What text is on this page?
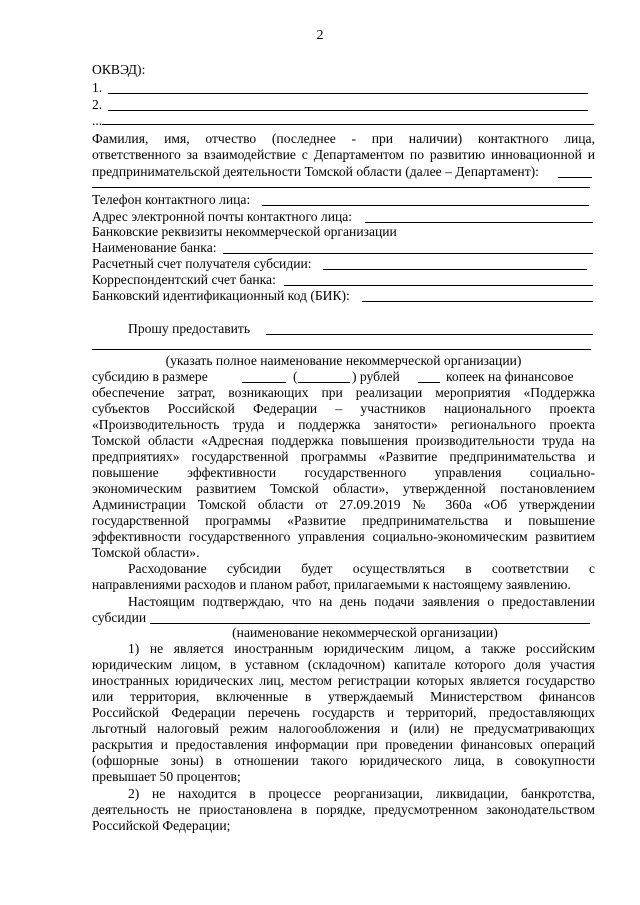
2
ОКВЭД):
1.
2.
...
Фамилия, имя, отчество (последнее - при наличии) контактного лица,
ответственного за взаимодействие с Департаментом по развитию инновационной и
предпринимательской деятельности Томской области (далее – Департамент):
Телефон контактного лица:
Адрес электронной почты контактного лица:
Банковские реквизиты некоммерческой организации
Наименование банка:
Расчетный счет получателя субсидии:
Корреспондентский счет банка:
Банковский идентификационный код (БИК):
Прошу предоставить
(указать полное наименование некоммерческой организации)
субсидию в размере	(	) рублей	копеек на финансовое
обеспечение затрат, возникающих при реализации мероприятия «Поддержка
субъектов Российской Федерации – участников национального проекта
«Производительность труда и поддержка занятости» регионального проекта
Томской области «Адресная поддержка повышения производительности труда на
предприятиях» государственной программы «Развитие предпринимательства и
повышение эффективности государственного управления социально-
экономическим развитием Томской области», утвержденной постановлением
Администрации Томской области от 27.09.2019 № 360а «Об утверждении
государственной программы «Развитие предпринимательства и повышение
эффективности государственного управления социально-экономическим развитием
Томской области».
Расходование субсидии будет осуществляться в соответствии с
направлениями расходов и планом работ, прилагаемыми к настоящему заявлению.
Настоящим подтверждаю, что на день подачи заявления о предоставлении
субсидии
(наименование некоммерческой организации)
1) не является иностранным юридическим лицом, а также российским
юридическим лицом, в уставном (складочном) капитале которого доля участия
иностранных юридических лиц, местом регистрации которых является государство
или территория, включенные в утверждаемый Министерством финансов
Российской Федерации перечень государств и территорий, предоставляющих
льготный налоговый режим налогообложения и (или) не предусматривающих
раскрытия и предоставления информации при проведении финансовых операций
(офшорные зоны) в отношении такого юридического лица, в совокупности
превышает 50 процентов;
2) не находится в процессе реорганизации, ликвидации, банкротства,
деятельность не приостановлена в порядке, предусмотренном законодательством
Российской Федерации;
